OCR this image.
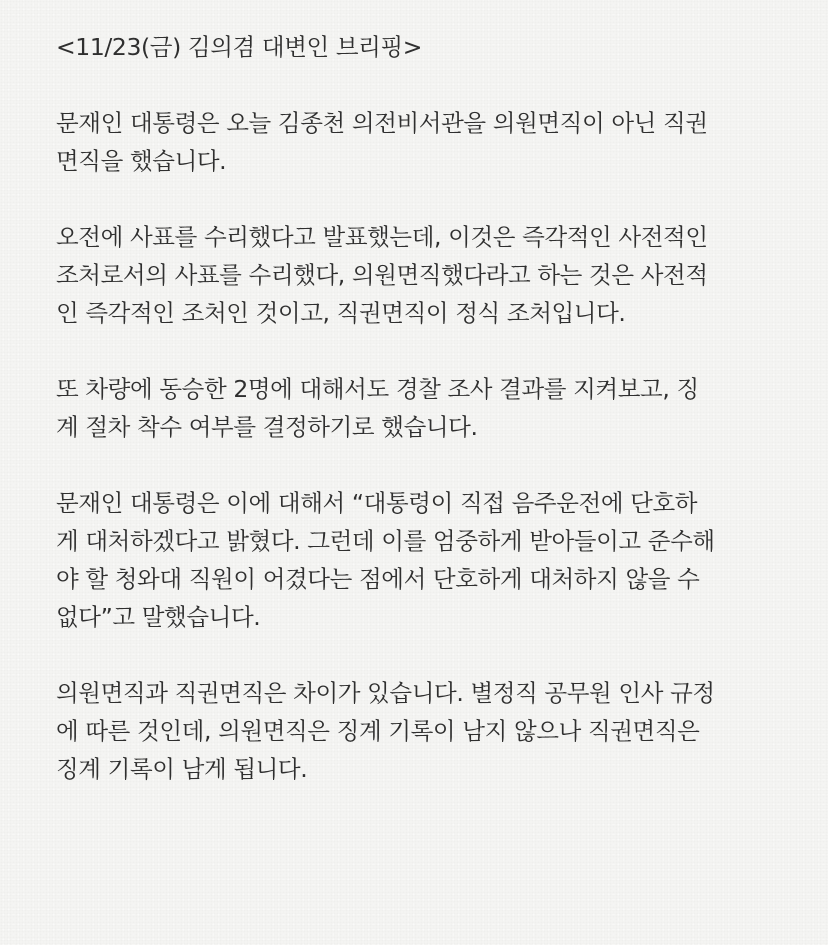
<11/23(금) 김의겸 대변인 브리핑>
문재인 대통령은 오늘 김종천 의전비서관을 의원면직이 아닌 직권
면직을 했습니다.
오전에 사표를 수리했다고 발표했는데, 이것은 즉각적인 사전적인
조처로서의 사표를 수리했다, 의원면직했다라고 하는 것은 사전적
인 즉각적인 조처인 것이고, 직권면직이 정식 조처입니다.
또 차량에 동승한 2명에 대해서도 경찰 조사 결과를 지켜보고, 징
계 절차 착수 여부를 결정하기로 했습니다.
문재인 대통령은 이에 대해서 “대통령이 직접 음주운전에 단호하
게 대처하겠다고 밝혔다. 그런데 이를 엄중하게 받아들이고 준수해
야 할 청와대 직원이 어겼다는 점에서 단호하게 대처하지 않을 수
없다”고 말했습니다.
의원면직과 직권면직은 차이가 있습니다. 별정직 공무원 인사 규정
에 따른 것인데, 의원면직은 징계 기록이 남지 않으나 직권면직은
징계 기록이 남게 됩니다.
